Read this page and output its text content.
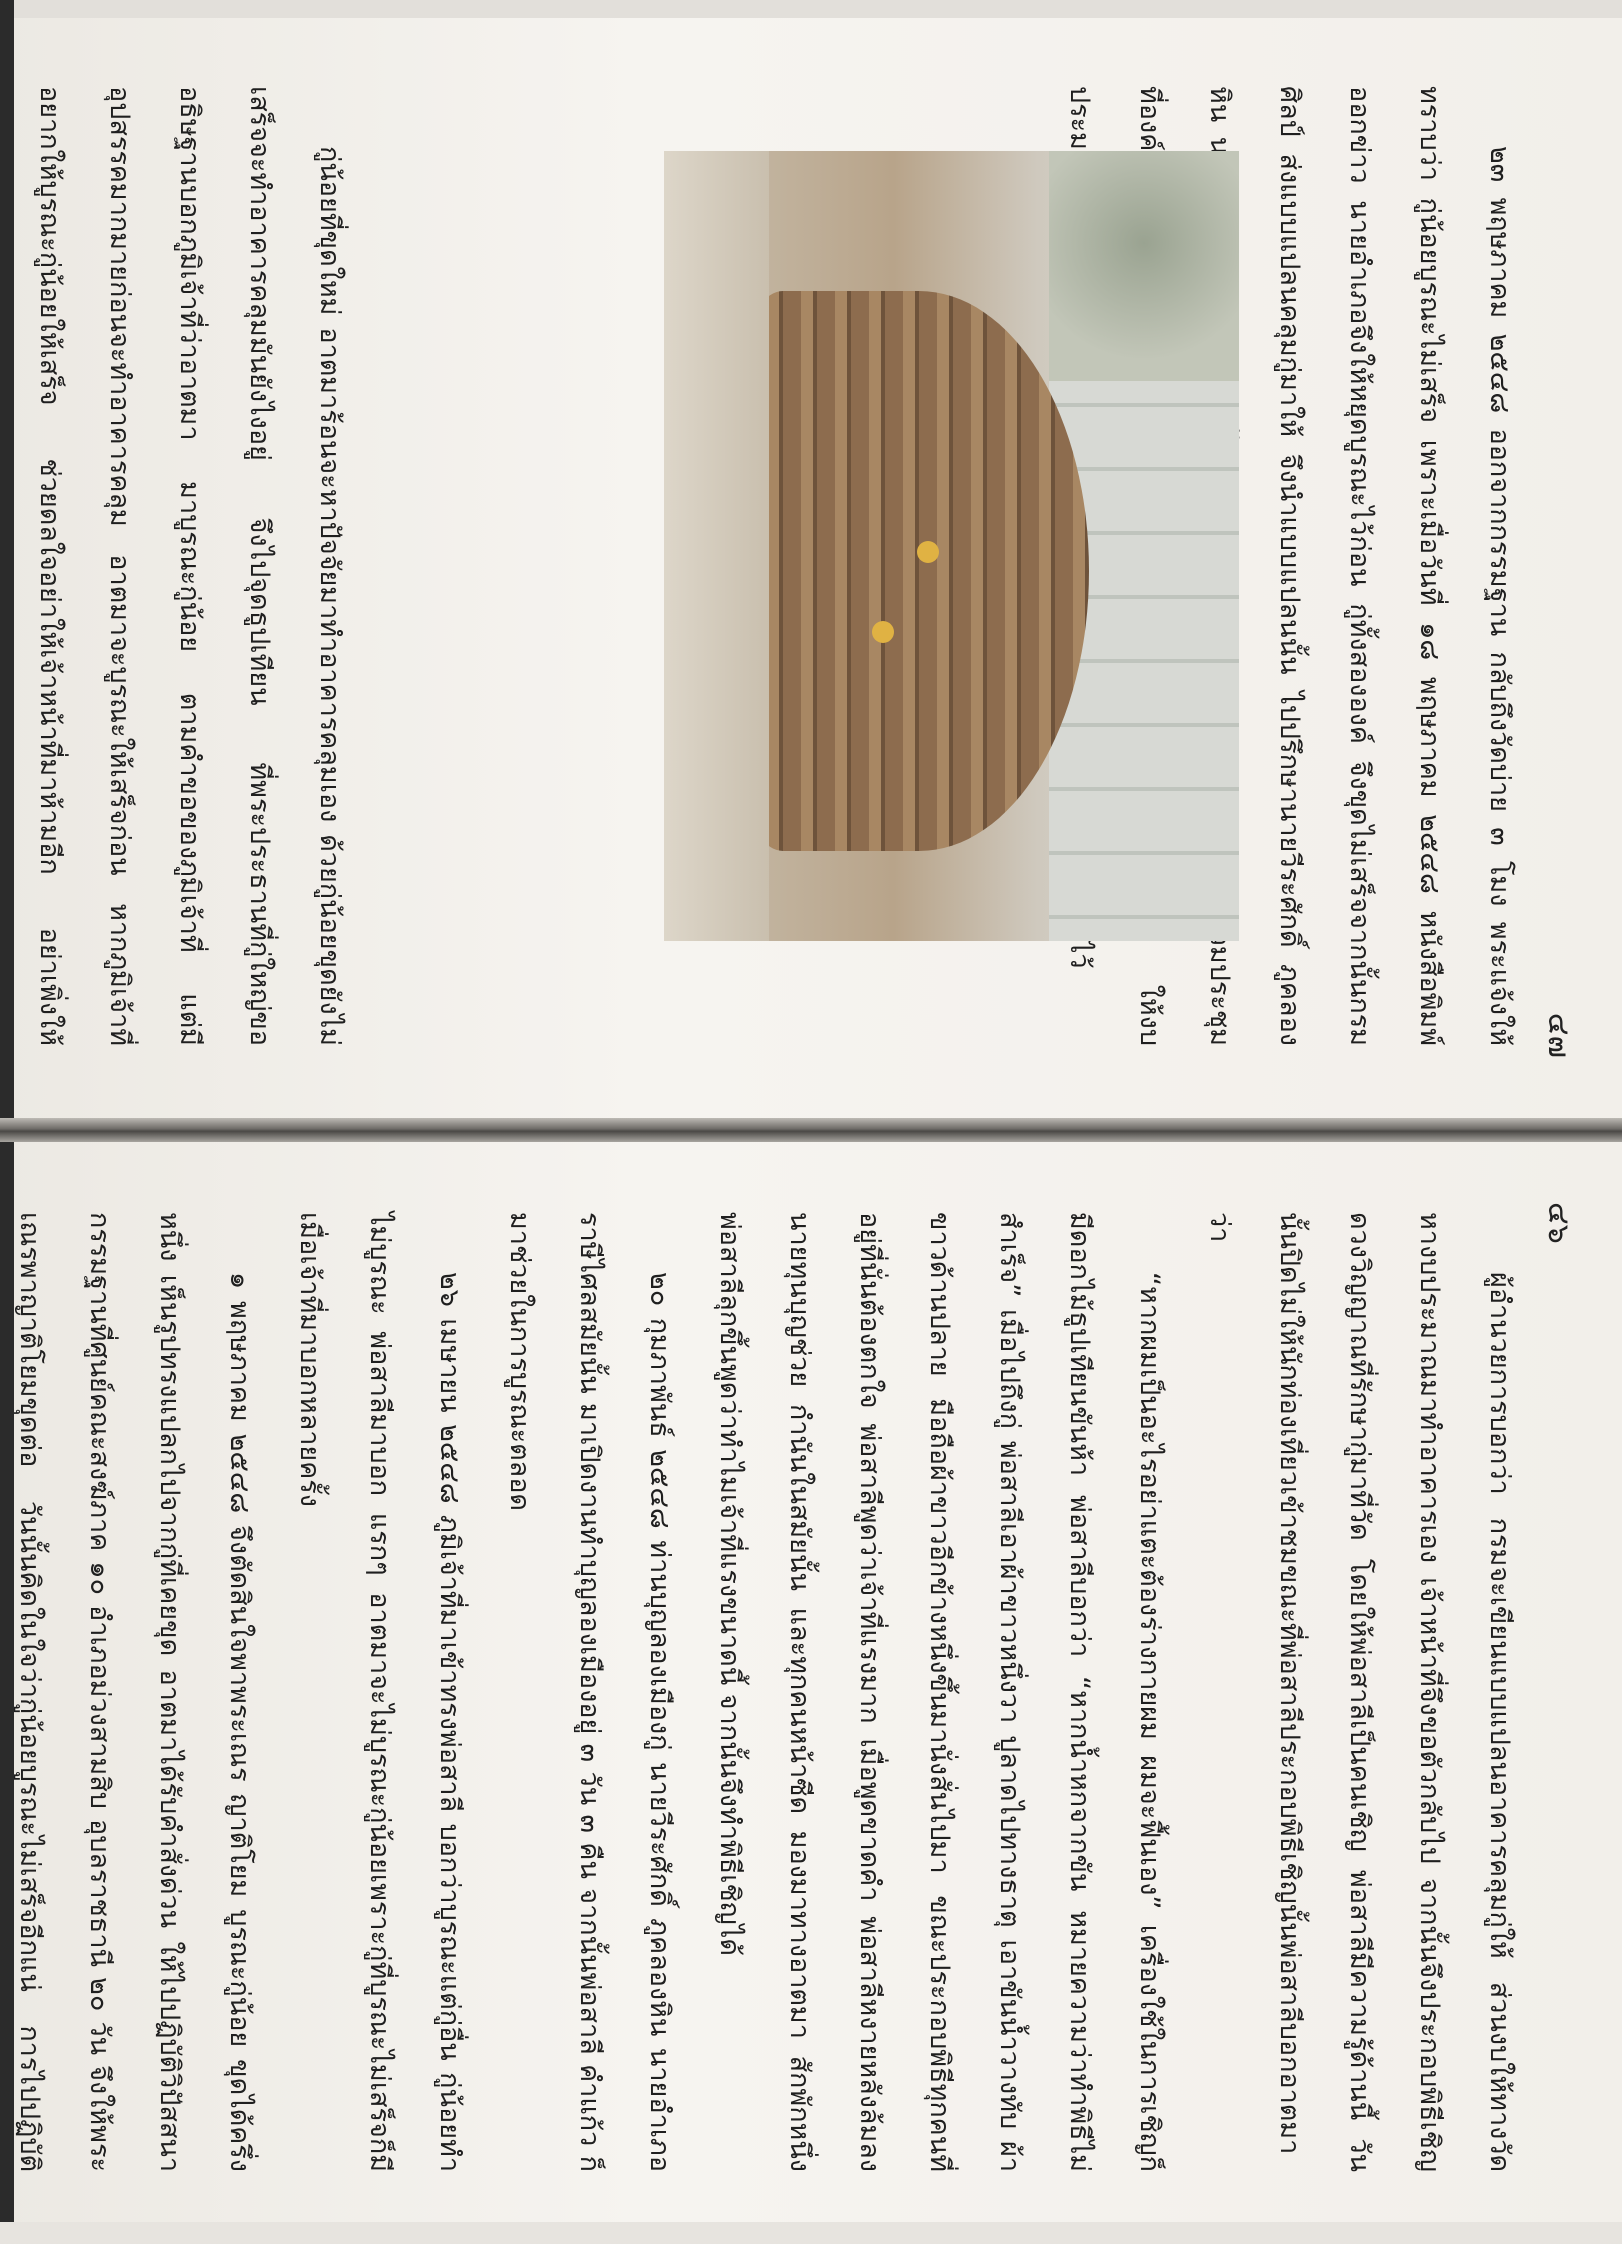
๔๗

๒๓ พฤษภาคม ๒๕๔๘ ออกจากกรรมฐาน กลับถึงวัดบ่าย ๓ โมง พระแจ้งให้ทราบว่า กู่น้อยบูรณะไม่เสร็จ เพราะเมื่อวันที่ ๑๘ พฤษภาคม ๒๕๔๘ หนังสือพิมพ์ออกข่าว นายอำเภอจึงให้หยุดบูรณะไว้ก่อน กู่ทั้งสององค์ จึงขุดไม่เสร็จจากนั้นกรมศิลป์ ส่งแบบแปลนคลุมกู่มาให้ จึงนำแบบแปลนนั้น ไปปรึกษานายวีระศักดิ์ ภูคลองหิน ให้งบประมา

กู่น้อยที่ขุดใหม่ อาตมาร้อนจะหาปัจจัยมาทำอาคารคลุมเอง ด้วยกู่น้อยขุดยังไม่เสร็จจะทำอาคารคลุมมันยังไงอยู่ จึงไปจุดธูปเทียน ที่พระประธานที่กู่ใหญ่ขออธิษฐานบอกภูมิเจ้าที่ว่าอาตมา มาบูรณะกู่น้อย ตามคำขอของภูมิเจ้าที่ แต่มีอุปสรรคมากมายก่อนจะทำอาคารคลุม อาตมาจะบูรณะให้เสร็จก่อน หากภูมิเจ้าที่อยากให้บูรณะกู่น้อยให้เสร็จ ช่วยดลใจอย่าให้เจ้าหน้าที่มาห้ามอีก อย่าเพิ่งให้

๔๖

ผู้อำนวยการบอกว่า กรมจะเขียนแบบแปลนอาคารคลุมกู่ให้ ส่วนงบให้ทางวัดหางบประมาณมาทำอาคารเอง เจ้าหน้าที่จึงขอตัวกลับไป จากนั้นจึงประกอบพิธีเชิญดวงวิญญาณที่รักษากู่มาที่วัด โดยให้พ่อสาลีเป็นคนเชิญ พ่อสาลีมีความรู้ด้านนี้ วันนั้นปิดไม่ให้นักท่องเที่ยวเข้าชมขณะที่พ่อสาลีประกอบพิธีเชิญนั้นพ่อสาลีบอกอาตมาว่า

“หากผมเป็นอะไรอย่าแตะต้องร่างกายผม ผมจะฟื้นเอง” เครื่องใช้ในการเชิญก็มีดอกไม้ธูปเทียนขันห้า พ่อสาลีบอกว่า “หากน้ำหกจากขัน หมายความว่าทำพิธีไม่สำเร็จ” เมื่อไปถึงกู่ พ่อสาลีเอาผ้าขาวหนึ่งวา ปูลาดไปทางธาตุ เอาขันน้ำวางทับ ผ้าขาวด้านปลาย มือถือผ้าขาวอีกข้างหนึ่งขึ้นมานั่งสั่นไปมา ขณะประกอบพิธีทุกคนที่อยู่ที่นั่นต้องตกใจ พ่อสาลีพูดว่าเจ้าที่แรงมาก เมื่อพูดขาดคำ พ่อสาลีหงายหลังล้มลง นายทุนบุญช่วย กำนันในสมัยนั้น และทุกคนหน้าซีด มองมาทางอาตมา สักพักหนึ่งพ่อสาลีลุกขึ้นพูดว่าทำไมเจ้าที่แรงขนาดนี้ จากนั้นจึงทำพิธีเชิญได้

๒๐ กุมภาพันธ์ ๒๕๔๘ ท่านบุญลองเมืองกู่ นายวีระศักดิ์ ภูคลองหิน นายอำเภอราษีไศลสมัยนั้น มาเปิดงานทำบุญลองเมืองอยู่ ๓ วัน ๓ คืน จากนั้นพ่อสาลี คำแก้ว ก็มาช่วยในการบูรณะตลอด

๒๖ เมษายน ๒๕๔๘ ภูมิเจ้าที่มาเข้าทรงพ่อสาลี บอกว่าบูรณะแต่กู่อื่น กู่น้อยทำไม่บูรณะ พ่อสาลีมาบอก แรกๆ อาตมาจะไม่บูรณะกู่น้อยเพราะกู่ที่บูรณะไม่เสร็จก็มี เมื่อเจ้าที่มาบอกหลายครั้ง

๑ พฤษภาคม ๒๕๔๘ จึงตัดสินใจพาพระเณร ญาติโยม บูรณะกู่น้อย ขุดได้ครึ่งหนึ่ง เห็นรูปทรงแปลกไปจากกู่ที่เคยขุด อาตมาได้รับคำสั่งด่วน ให้ไปปฏิบัติวิปัสสนากรรมฐานที่ศูนย์คณะสงฆ์ภาค ๑๐ อำเภอม่วงสามสิบ อุบลราชธานี ๒๐ วัน จึงให้พระเณรพาญาติโยมขุดต่อ วันนั้นคิดในใจว่ากู่น้อยบูรณะไม่เสร็จอีกแน่ การไปปฏิบัติ
